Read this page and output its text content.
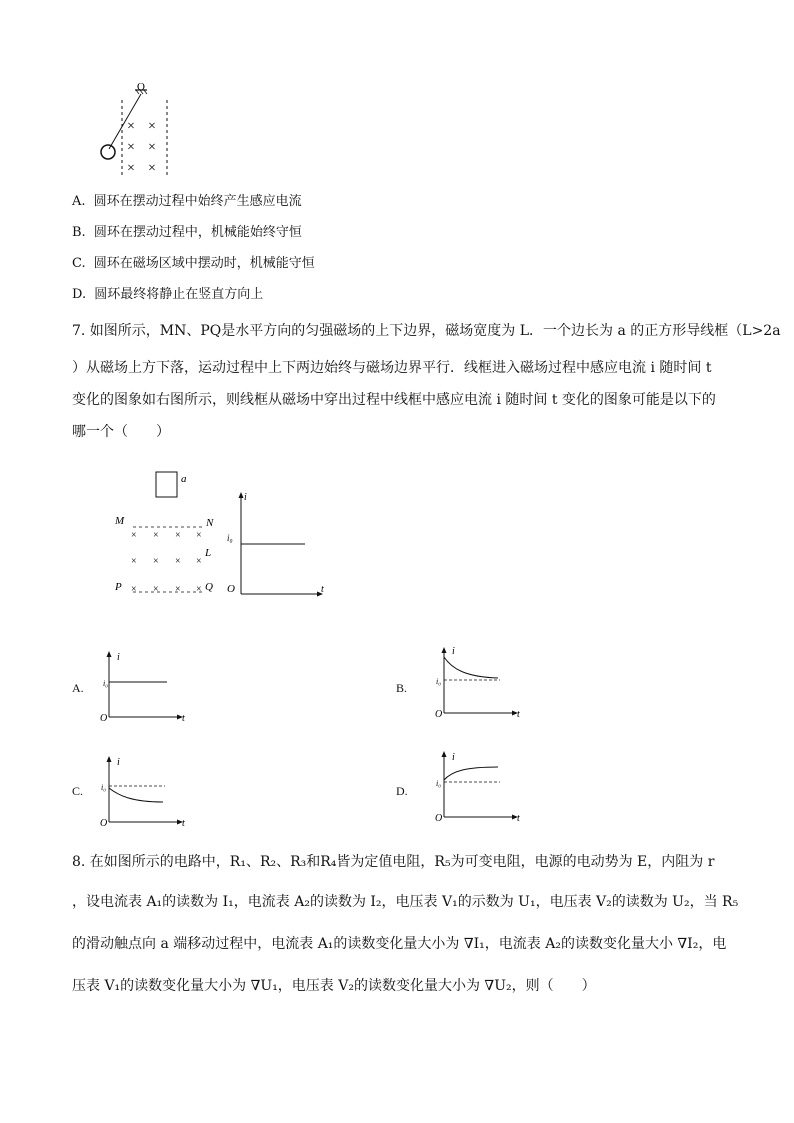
O
× ×
× ×
× ×
A. 圆环在摆动过程中始终产生感应电流
B. 圆环在摆动过程中，机械能始终守恒
C. 圆环在磁场区域中摆动时，机械能守恒
D. 圆环最终将静止在竖直方向上
7. 如图所示，MN、PQ是水平方向的匀强磁场的上下边界，磁场宽度为 L．一个边长为 a 的正方形导线框（L>2a
）从磁场上方下落，运动过程中上下两边始终与磁场边界平行．线框进入磁场过程中感应电流 i 随时间 t
变化的图象如右图所示，则线框从磁场中穿出过程中线框中感应电流 i 随时间 t 变化的图象可能是以下的
哪一个（　　）
a
M	N
L
P	Q
× × × ×
× × × ×
× × × ×
i
i₀
O	t
A.
i
i₀
O	t
B.
i
i₀
O	t
C.
i
i₀
O	t
D.
i
i₀
O	t
8. 在如图所示的电路中，R₁、R₂、R₃和R₄皆为定值电阻，R₅为可变电阻，电源的电动势为 E，内阻为 r
，设电流表 A₁的读数为 I₁，电流表 A₂的读数为 I₂，电压表 V₁的示数为 U₁，电压表 V₂的读数为 U₂，当 R₅
的滑动触点向 a 端移动过程中，电流表 A₁的读数变化量大小为 ∇I₁，电流表 A₂的读数变化量大小 ∇I₂，电
压表 V₁的读数变化量大小为 ∇U₁，电压表 V₂的读数变化量大小为 ∇U₂，则（　　）
